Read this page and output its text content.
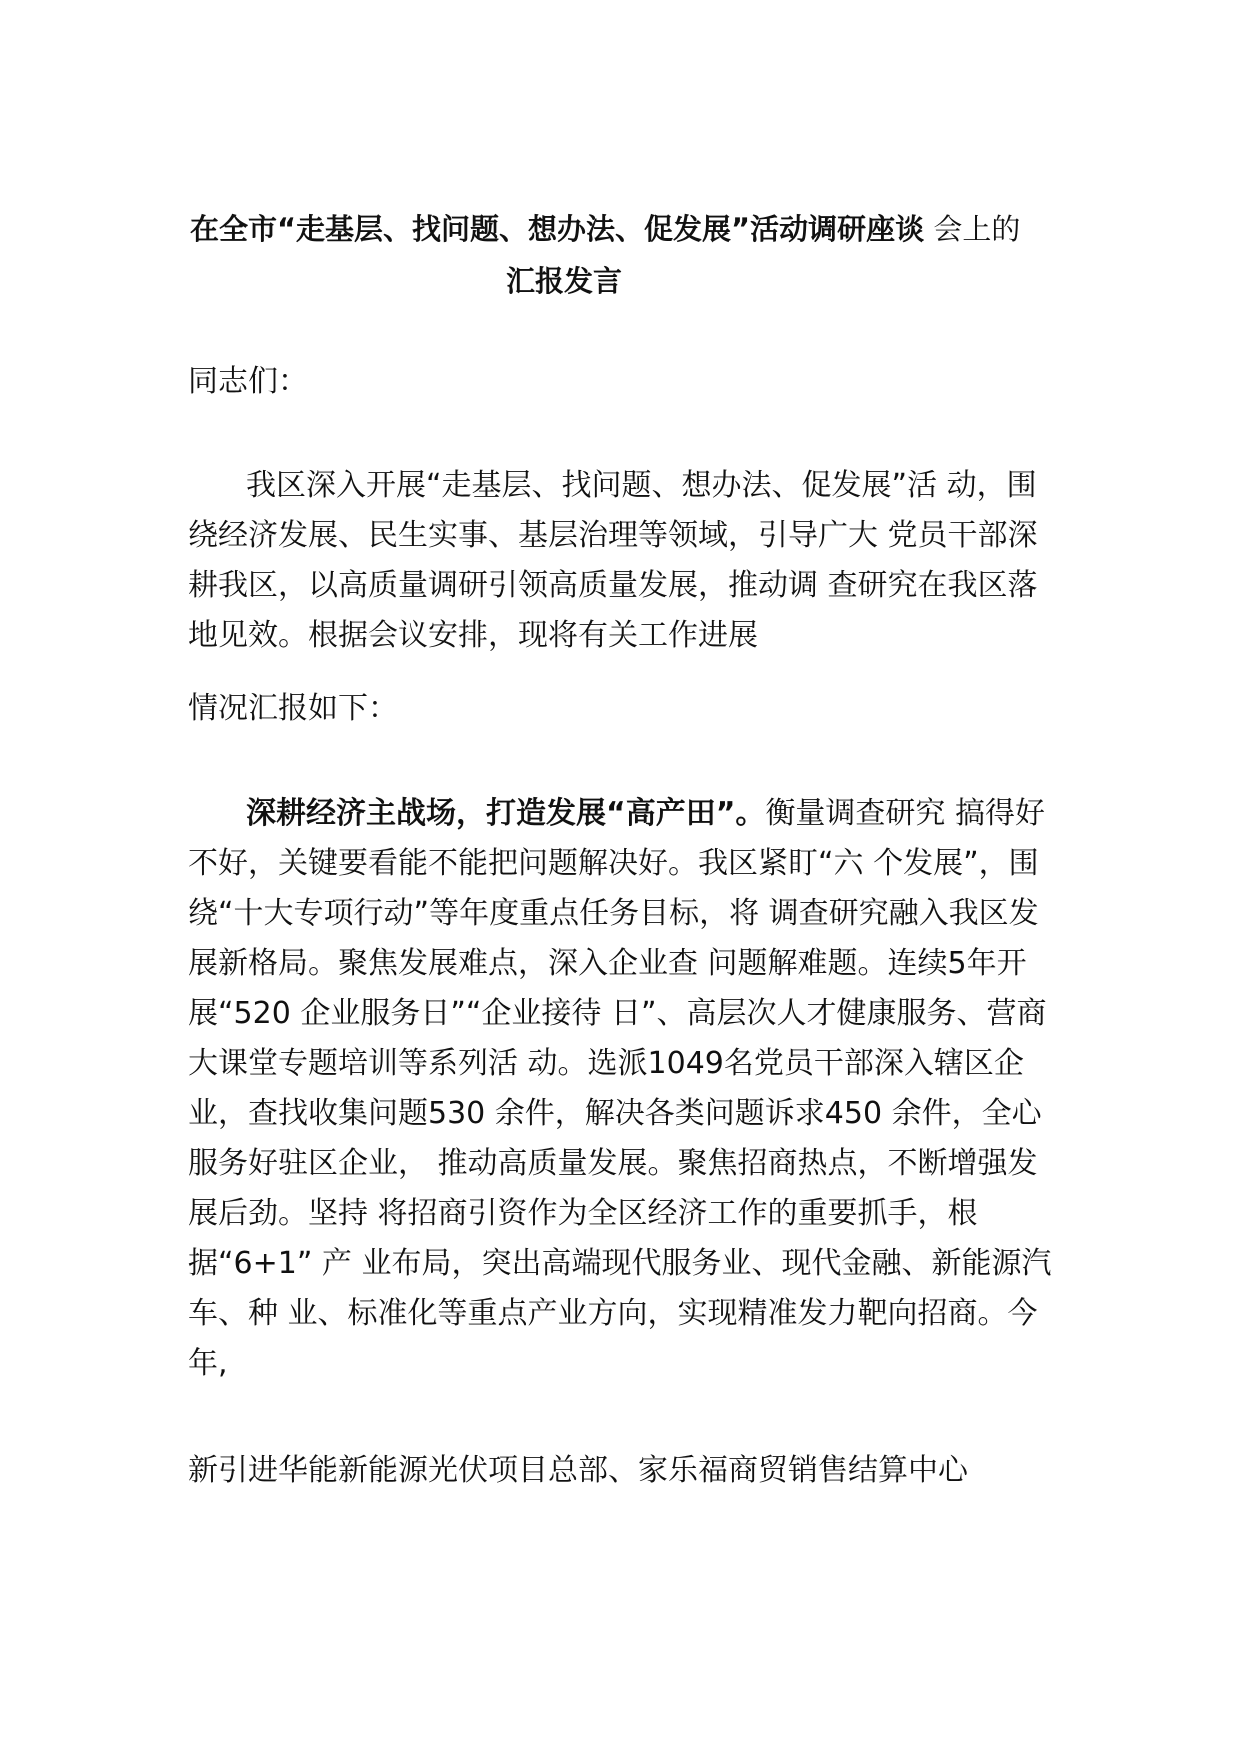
在全市“走基层、找问题、想办法、促发展”活动调研座谈 会上的
汇报发言
同志们：
我区深入开展“走基层、找问题、想办法、促发展”活 动，围
绕经济发展、民生实事、基层治理等领域，引导广大 党员干部深
耕我区，以高质量调研引领高质量发展，推动调 查研究在我区落
地见效。根据会议安排，现将有关工作进展
情况汇报如下：
深耕经济主战场，打造发展“高产田”。衡量调查研究 搞得好
不好，关键要看能不能把问题解决好。我区紧盯“六 个发展”，围
绕“十大专项行动”等年度重点任务目标，将 调查研究融入我区发
展新格局。聚焦发展难点，深入企业查 问题解难题。连续5年开
展“520 企业服务日”“企业接待 日”、高层次人才健康服务、营商
大课堂专题培训等系列活 动。选派1049名党员干部深入辖区企
业，查找收集问题530 余件，解决各类问题诉求450 余件，全心
服务好驻区企业， 推动高质量发展。聚焦招商热点，不断增强发
展后劲。坚持 将招商引资作为全区经济工作的重要抓手，根
据“6+1” 产 业布局，突出高端现代服务业、现代金融、新能源汽
车、种 业、标准化等重点产业方向，实现精准发力靶向招商。今
年,
新引进华能新能源光伏项目总部、家乐福商贸销售结算中心
